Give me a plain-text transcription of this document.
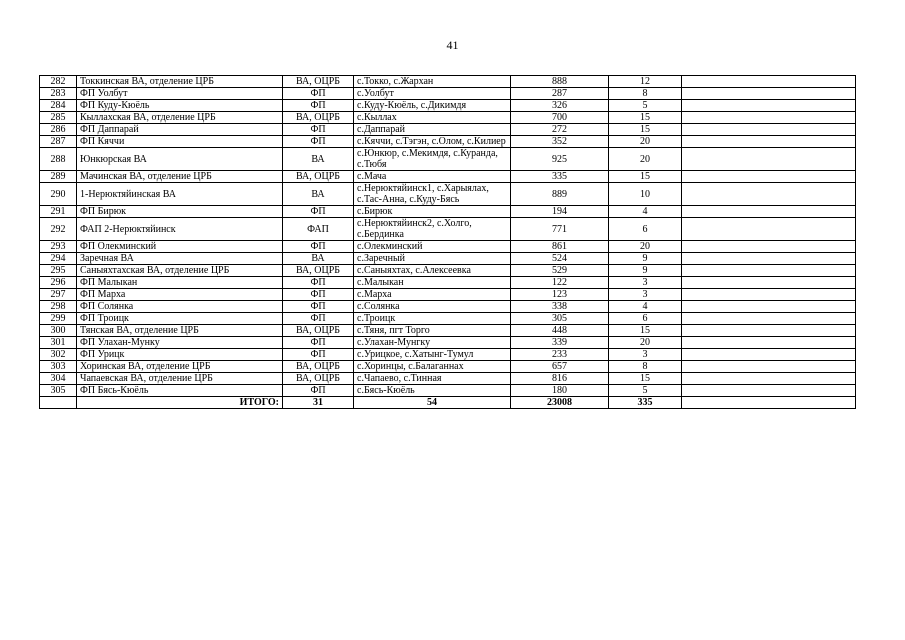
41
282	Токкинская ВА, отделение ЦРБ	ВА, ОЦРБ	с.Токко, с.Жархан	888	12	
283	ФП Уолбут	ФП	с.Уолбут	287	8	
284	ФП Куду-Кюёль	ФП	с.Куду-Кюёль, с.Дикимдя	326	5	
285	Кыллахская ВА, отделение ЦРБ	ВА, ОЦРБ	с.Кыллах	700	15	
286	ФП Даппарай	ФП	с.Даппарай	272	15	
287	ФП Кяччи	ФП	с.Кяччи, с.Тэгэн, с.Олом, с.Килиер	352	20	
288	Юнкюрская ВА	ВА	с.Юнкюр, с.Мекимдя, с.Куранда, с.Тюбя	925	20	
289	Мачинская ВА, отделение ЦРБ	ВА, ОЦРБ	с.Мача	335	15	
290	1-Нерюктяйинская ВА	ВА	с.Нерюктяйинск1, с.Харыялах, с.Тас-Анна, с.Куду-Бясь	889	10	
291	ФП Бирюк	ФП	с.Бирюк	194	4	
292	ФАП 2-Нерюктяйинск	ФАП	с.Нерюктяйинск2, с.Холго, с.Бердинка	771	6	
293	ФП Олекминский	ФП	с.Олекминский	861	20	
294	Заречная ВА	ВА	с.Заречный	524	9	
295	Саныяхтахская ВА, отделение ЦРБ	ВА, ОЦРБ	с.Саныяхтах, с.Алексеевка	529	9	
296	ФП Малыкан	ФП	с.Малыкан	122	3	
297	ФП Марха	ФП	с.Марха	123	3	
298	ФП Солянка	ФП	с.Солянка	338	4	
299	ФП Троицк	ФП	с.Троицк	305	6	
300	Тянская ВА, отделение ЦРБ	ВА, ОЦРБ	с.Тяня, пгт Торго	448	15	
301	ФП Улахан-Мунку	ФП	с.Улахан-Мунгку	339	20	
302	ФП Урицк	ФП	с.Урицкое, с.Хатынг-Тумул	233	3	
303	Хоринская ВА, отделение ЦРБ	ВА, ОЦРБ	с.Хоринцы, с.Балаганнах	657	8	
304	Чапаевская ВА, отделение ЦРБ	ВА, ОЦРБ	с.Чапаево, с.Тинная	816	15	
305	ФП Бясь-Кюёль	ФП	с.Бясь-Кюёль	180	5	
	ИТОГО:	31	54	23008	335	
